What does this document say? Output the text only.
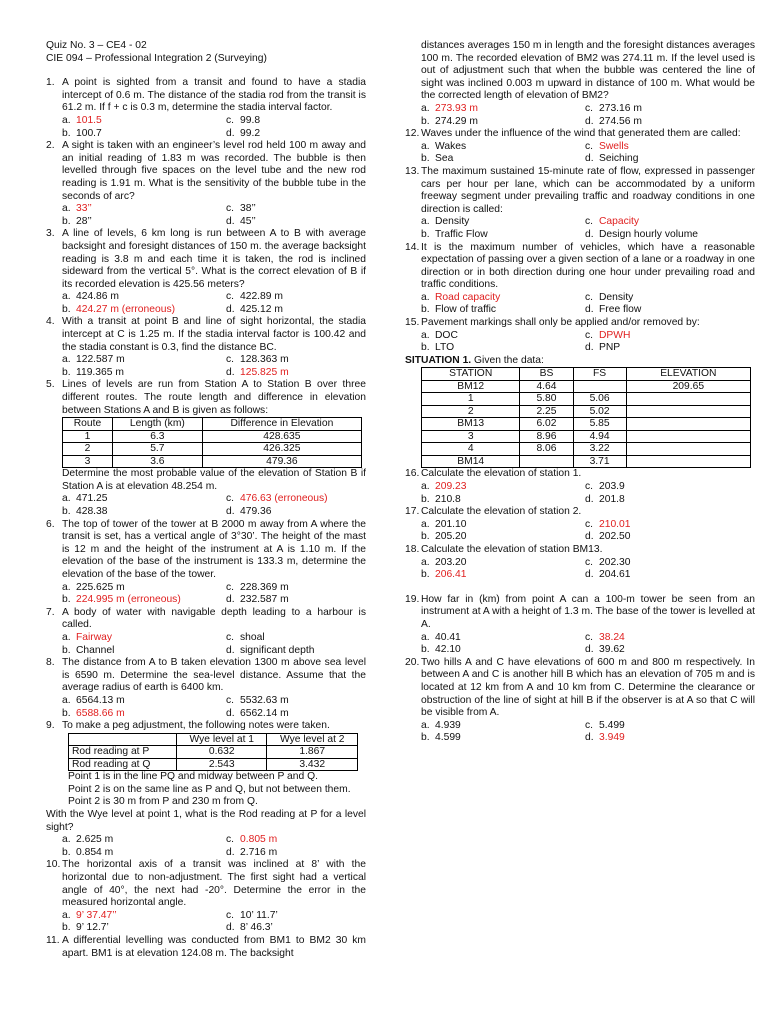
Quiz No. 3 – CE4 - 02
CIE 094 – Professional Integration 2 (Surveying)
1. A point is sighted from a transit and found to have a stadia intercept of 0.6 m. The distance of the stadia rod from the transit is 61.2 m. If f + c is 0.3 m, determine the stadia interval factor.
a. 101.5	c. 99.8
b. 100.7	d. 99.2
2. A sight is taken with an engineer’s level rod held 100 m away and an initial reading of 1.83 m was recorded. The bubble is then levelled through five spaces on the level tube and the new rod reading is 1.91 m. What is the sensitivity of the bubble tube in the seconds of arc?
a. 33’’	c. 38’’
b. 28’’	d. 45’’
3. A line of levels, 6 km long is run between A to B with average backsight and foresight distances of 150 m. the average backsight reading is 3.8 m and each time it is taken, the rod is inclined sideward from the vertical 5°. What is the correct elevation of B if its recorded elevation is 425.56 meters?
a. 424.86 m	c. 422.89 m
b. 424.27 m (erroneous)	d. 425.12 m
4. With a transit at point B and line of sight horizontal, the stadia intercept at C is 1.25 m. If the stadia interval factor is 100.42 and the stadia constant is 0.3, find the distance BC.
a. 122.587 m	c. 128.363 m
b. 119.365 m	d. 125.825 m
5. Lines of levels are run from Station A to Station B over three different routes. The route length and difference in elevation between Stations A and B is given as follows:
Route	Length (km)	Difference in Elevation
1	6.3	428.635
2	5.7	426.325
3	3.6	479.36
Determine the most probable value of the elevation of Station B if Station A is at elevation 48.254 m.
a. 471.25	c. 476.63 (erroneous)
b. 428.38	d. 479.36
6. The top of tower of the tower at B 2000 m away from A where the transit is set, has a vertical angle of 3°30’. The height of the mast is 12 m and the height of the instrument at A is 1.10 m. If the elevation of the base of the instrument is 133.3 m, determine the elevation of the base of the tower.
a. 225.625 m	c. 228.369 m
b. 224.995 m (erroneous)	d. 232.587 m
7. A body of water with navigable depth leading to a harbour is called.
a. Fairway	c. shoal
b. Channel	d. significant depth
8. The distance from A to B taken elevation 1300 m above sea level is 6590 m. Determine the sea-level distance. Assume that the average radius of earth is 6400 km.
a. 6564.13 m	c. 5532.63 m
b. 6588.66 m	d. 6562.14 m
9. To make a peg adjustment, the following notes were taken.
	Wye level at 1	Wye level at 2
Rod reading at P	0.632	1.867
Rod reading at Q	2.543	3.432
Point 1 is in the line PQ and midway between P and Q.
Point 2 is on the same line as P and Q, but not between them.
Point 2 is 30 m from P and 230 m from Q.
With the Wye level at point 1, what is the Rod reading at P for a level sight?
a. 2.625 m	c. 0.805 m
b. 0.854 m	d. 2.716 m
10. The horizontal axis of a transit was inclined at 8’ with the horizontal due to non-adjustment. The first sight had a vertical angle of 40°, the next had -20°. Determine the error in the measured horizontal angle.
a. 9’ 37.47’’	c. 10’ 11.7’
b. 9’ 12.7’	d. 8’ 46.3’
11. A differential levelling was conducted from BM1 to BM2 30 km apart. BM1 is at elevation 124.08 m. The backsight
distances averages 150 m in length and the foresight distances averages 100 m. The recorded elevation of BM2 was 274.11 m. If the level used is out of adjustment such that when the bubble was centered the line of sight was inclined 0.003 m upward in distance of 100 m. What would be the corrected length of elevation of BM2?
a. 273.93 m	c. 273.16 m
b. 274.29 m	d. 274.56 m
12. Waves under the influence of the wind that generated them are called:
a. Wakes	c. Swells
b. Sea	d. Seiching
13. The maximum sustained 15-minute rate of flow, expressed in passenger cars per hour per lane, which can be accommodated by a uniform freeway segment under prevailing traffic and roadway conditions in one direction is called:
a. Density	c. Capacity
b. Traffic Flow	d. Design hourly volume
14. It is the maximum number of vehicles, which have a reasonable expectation of passing over a given section of a lane or a roadway in one direction or in both direction during one hour under prevailing road and traffic conditions.
a. Road capacity	c. Density
b. Flow of traffic	d. Free flow
15. Pavement markings shall only be applied and/or removed by:
a. DOC	c. DPWH
b. LTO	d. PNP
SITUATION 1. Given the data:
STATION	BS	FS	ELEVATION
BM12	4.64		209.65
1	5.80	5.06	
2	2.25	5.02	
BM13	6.02	5.85	
3	8.96	4.94	
4	8.06	3.22	
BM14		3.71	
16. Calculate the elevation of station 1.
a. 209.23	c. 203.9
b. 210.8	d. 201.8
17. Calculate the elevation of station 2.
a. 201.10	c. 210.01
b. 205.20	d. 202.50
18. Calculate the elevation of station BM13.
a. 203.20	c. 202.30
b. 206.41	d. 204.61
19. How far in (km) from point A can a 100-m tower be seen from an instrument at A with a height of 1.3 m. The base of the tower is levelled at A.
a. 40.41	c. 38.24
b. 42.10	d. 39.62
20. Two hills A and C have elevations of 600 m and 800 m respectively. In between A and C is another hill B which has an elevation of 705 m and is located at 12 km from A and 10 km from C. Determine the clearance or obstruction of the line of sight at hill B if the observer is at A so that C will be visible from A.
a. 4.939	c. 5.499
b. 4.599	d. 3.949
